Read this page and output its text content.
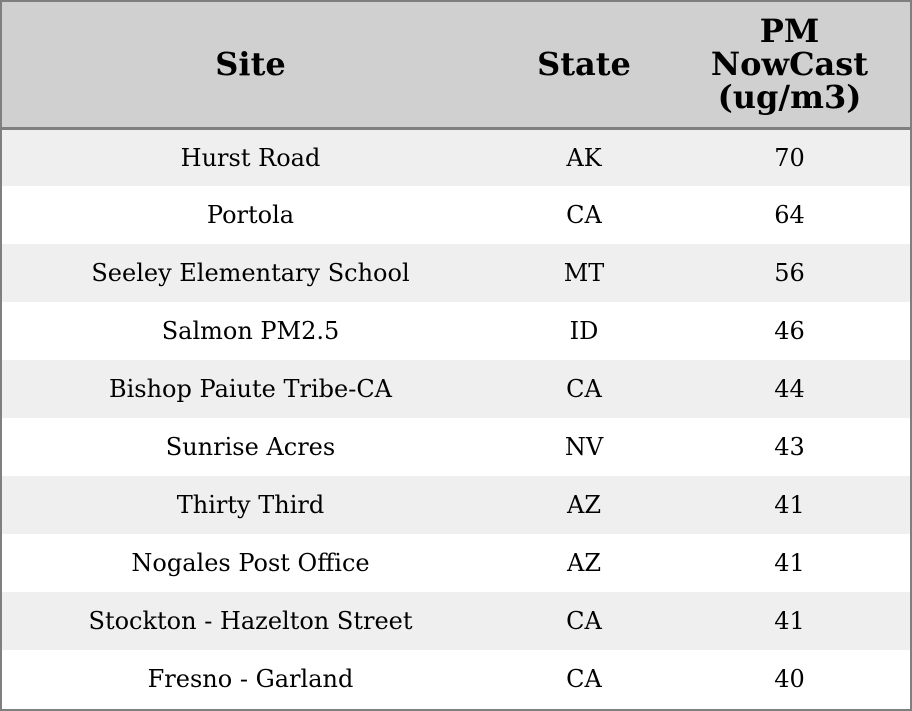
Site	State	PM
NowCast
(ug/m3)

Hurst Road	AK	70
Portola	CA	64
Seeley Elementary School	MT	56
Salmon PM2.5	ID	46
Bishop Paiute Tribe-CA	CA	44
Sunrise Acres	NV	43
Thirty Third	AZ	41
Nogales Post Office	AZ	41
Stockton - Hazelton Street	CA	41
Fresno - Garland	CA	40
